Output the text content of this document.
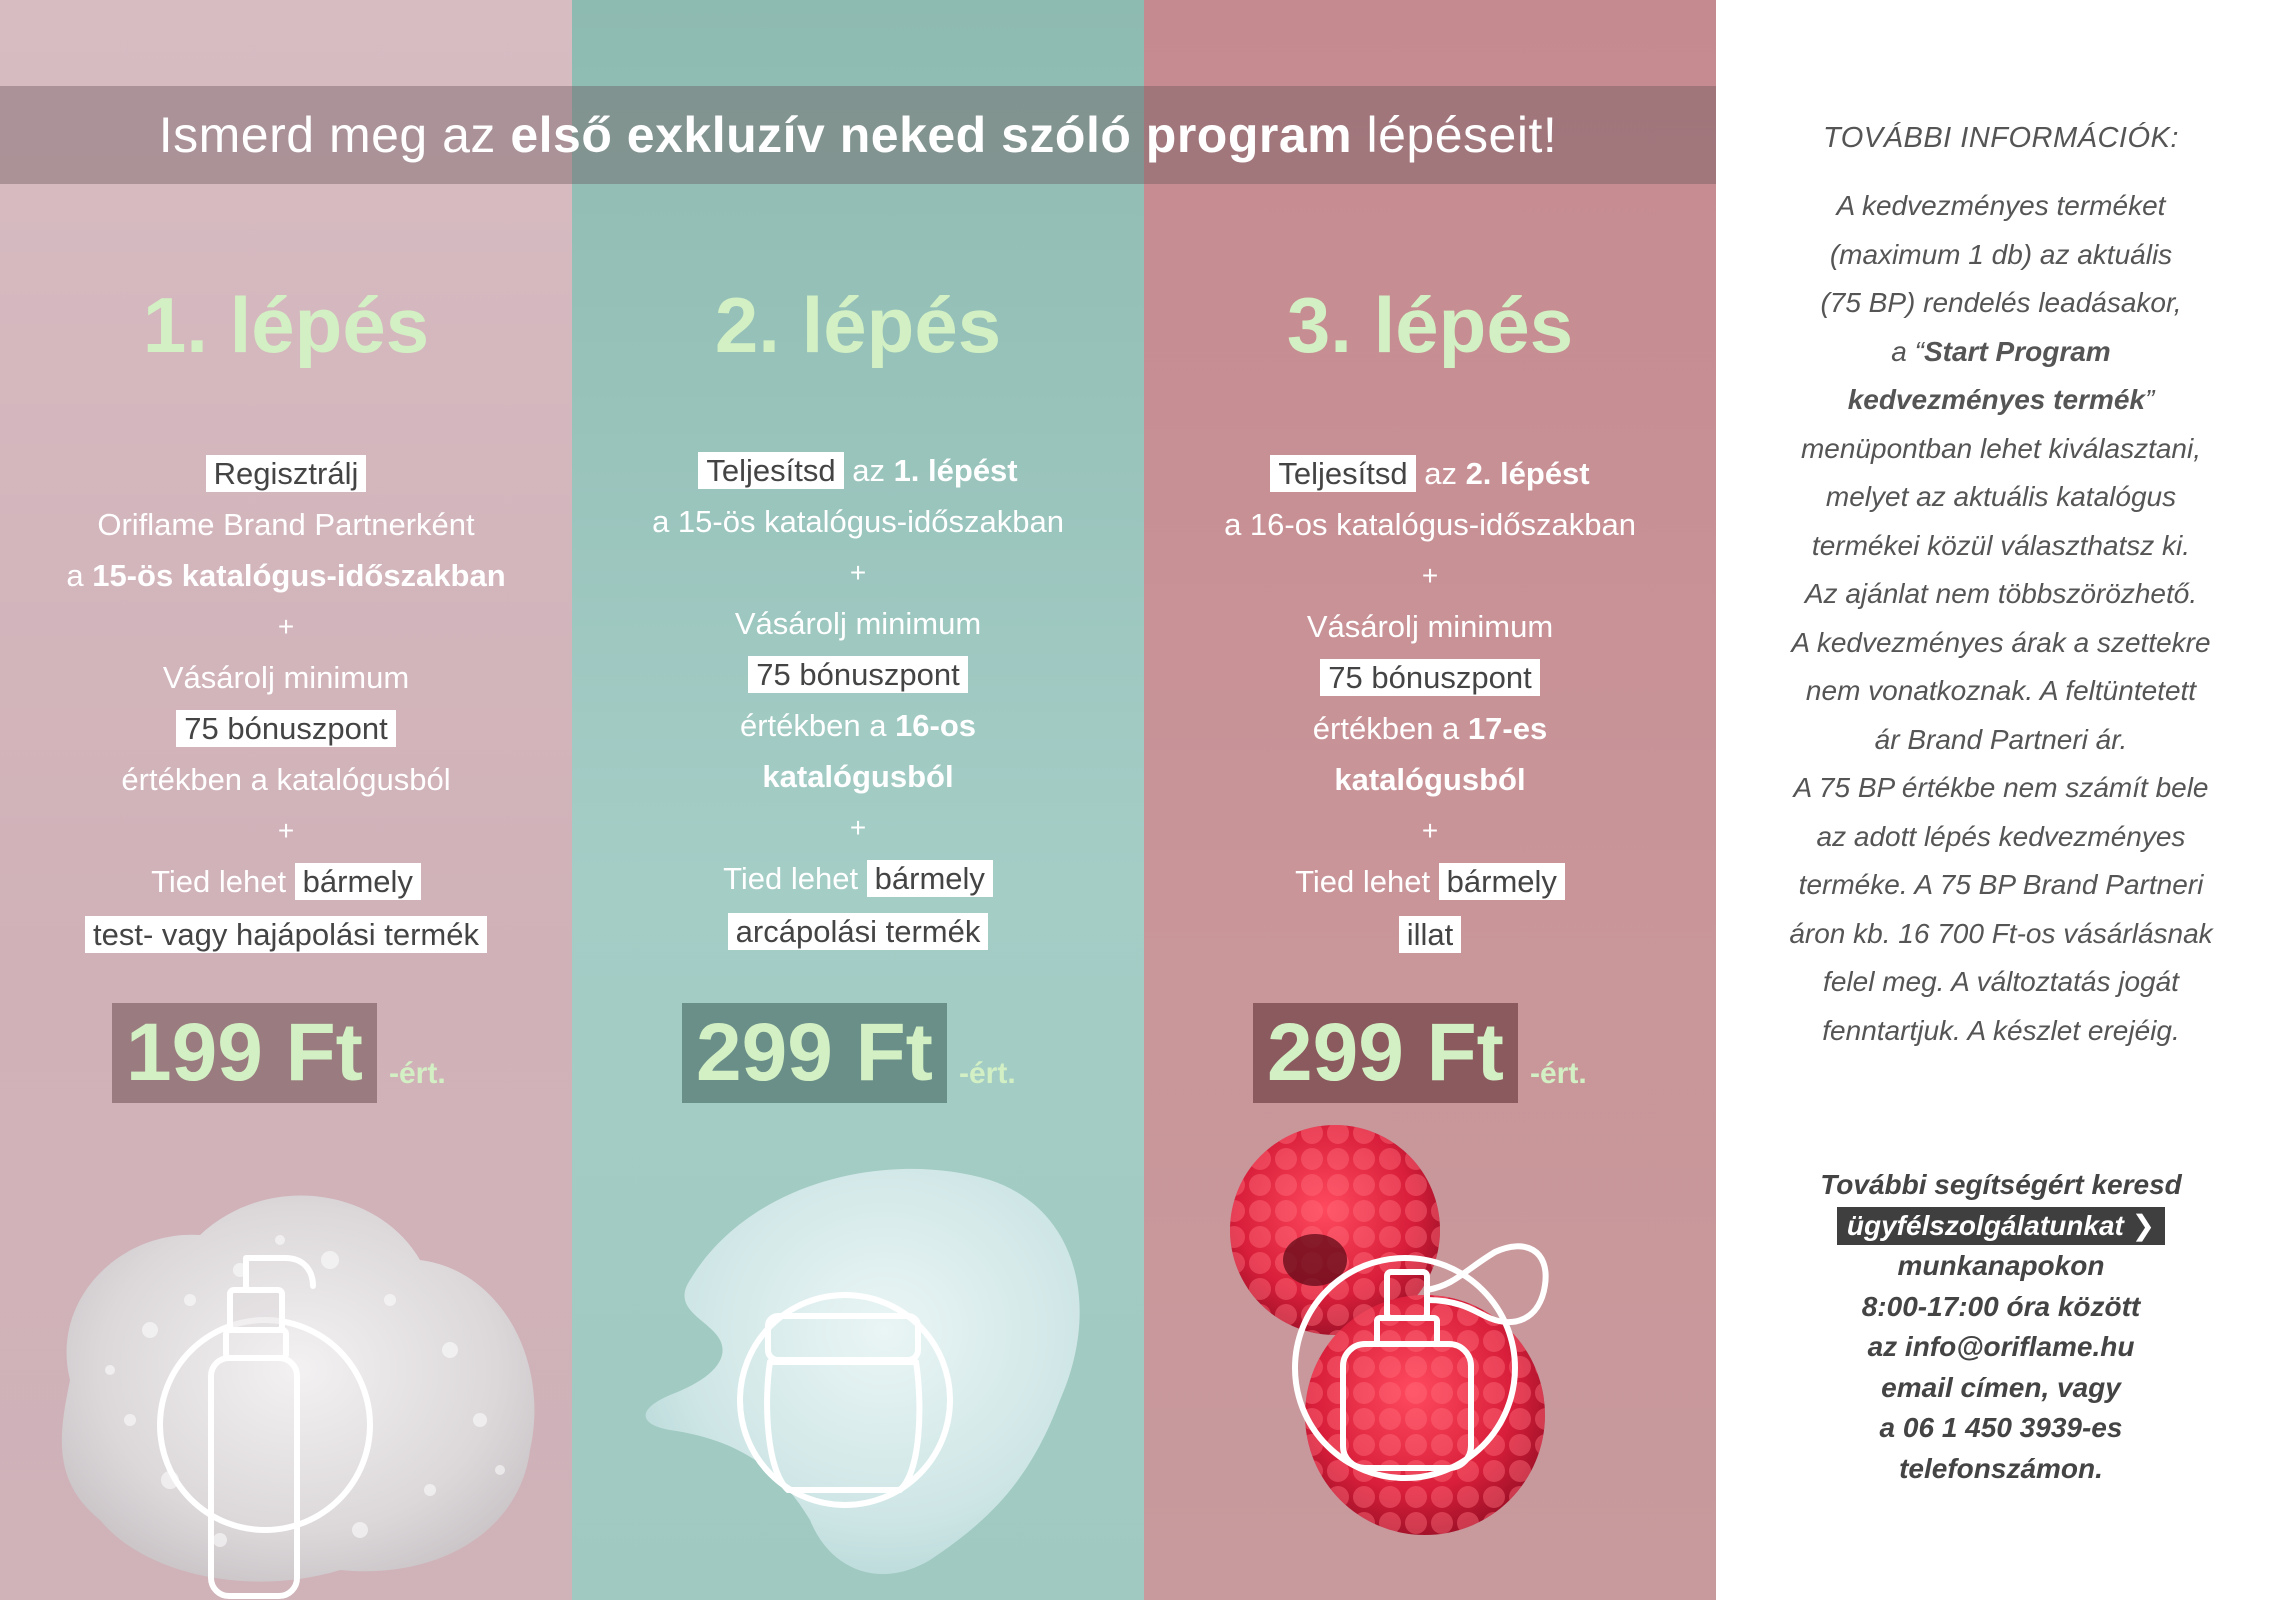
Ismerd meg az
első exkluzív neked szóló program
lépéseit!
1. lépés
Regisztrálj
Oriflame Brand Partnerként
a 15-ös katalógus-időszakban
+
Vásárolj minimum
75 bónuszpont
értékben a katalógusból
+
Tied lehet bármely
test- vagy hajápolási termék
199 Ft -ért.
2. lépés
Teljesítsd az 1. lépést
a 15-ös katalógus-időszakban
+
Vásárolj minimum
75 bónuszpont
értékben a 16-os
katalógusból
+
Tied lehet bármely
arcápolási termék
299 Ft -ért.
3. lépés
Teljesítsd az 2. lépést
a 16-os katalógus-időszakban
+
Vásárolj minimum
75 bónuszpont
értékben a 17-es
katalógusból
+
Tied lehet bármely
illat
299 Ft -ért.
TOVÁBBI INFORMÁCIÓK:
A kedvezményes terméket
(maximum 1 db) az aktuális
(75 BP) rendelés leadásakor,
a “Start Program
kedvezményes termék”
menüpontban lehet kiválasztani,
melyet az aktuális katalógus
termékei közül választhatsz ki.
Az ajánlat nem többszörözhető.
A kedvezményes árak a szettekre
nem vonatkoznak. A feltüntetett
ár Brand Partneri ár.
A 75 BP értékbe nem számít bele
az adott lépés kedvezményes
terméke. A 75 BP Brand Partneri
áron kb. 16 700 Ft-os vásárlásnak
felel meg. A változtatás jogát
fenntartjuk. A készlet erejéig.
További segítségért keresd
ügyfélszolgálatunkat ❯
munkanapokon
8:00-17:00 óra között
az info@oriflame.hu
email címen, vagy
a 06 1 450 3939-es
telefonszámon.
